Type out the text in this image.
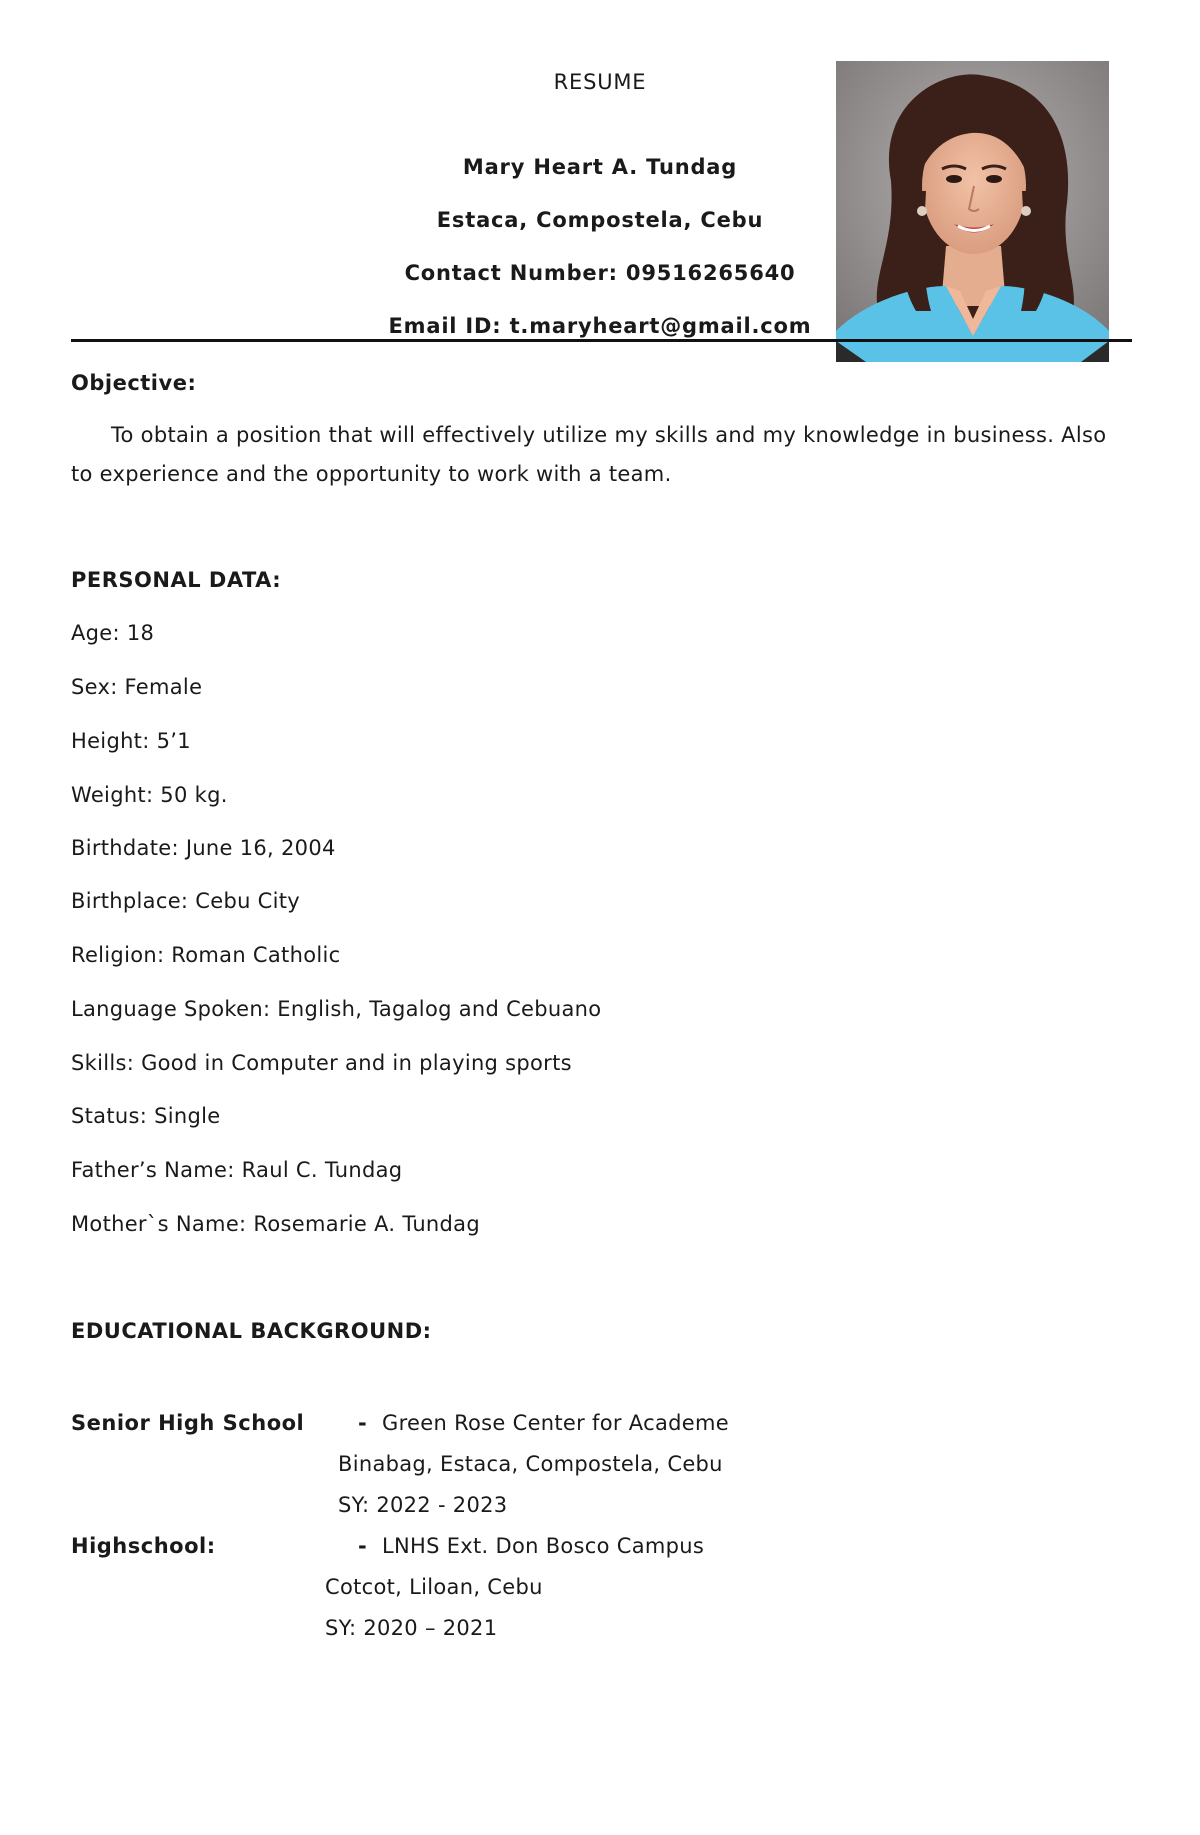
RESUME
Mary Heart A. Tundag
Estaca, Compostela, Cebu
Contact Number: 09516265640
Email ID: t.maryheart@gmail.com
Objective:
To obtain a position that will effectively utilize my skills and my knowledge in business. Also to experience and the opportunity to work with a team.
PERSONAL DATA:
Age: 18
Sex: Female
Height: 5’1
Weight: 50 kg.
Birthdate: June 16, 2004
Birthplace: Cebu City
Religion: Roman Catholic
Language Spoken: English, Tagalog and Cebuano
Skills: Good in Computer and in playing sports
Status: Single
Father’s Name: Raul C. Tundag
Mother`s Name: Rosemarie A. Tundag
EDUCATIONAL BACKGROUND:
Senior High School	- Green Rose Center for Academe
Binabag, Estaca, Compostela, Cebu
SY: 2022 - 2023
Highschool:	- LNHS Ext. Don Bosco Campus
Cotcot, Liloan, Cebu
SY: 2020 – 2021
